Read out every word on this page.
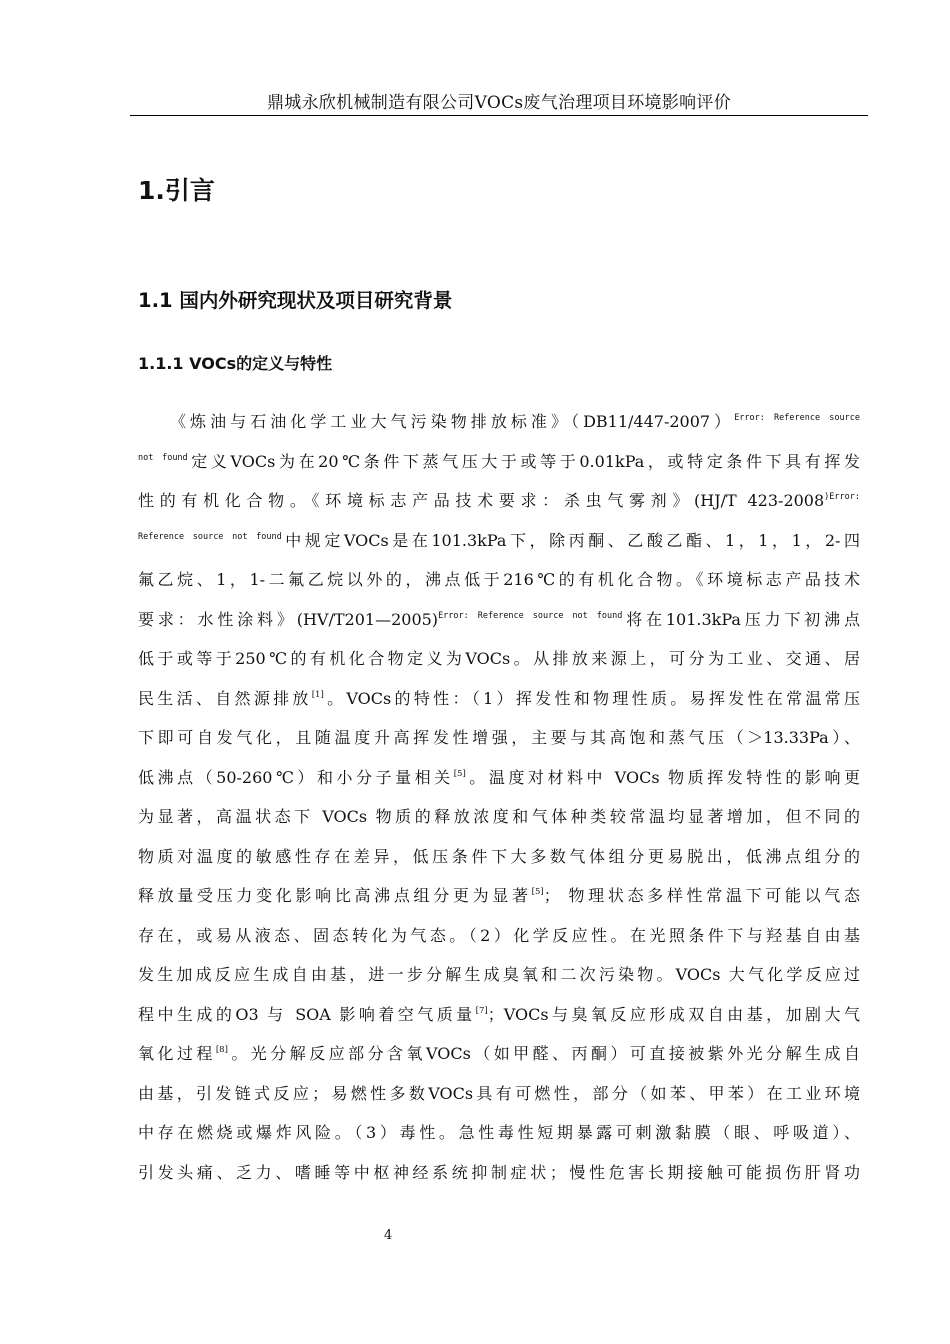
鼎城永欣机械制造有限公司VOCs废气治理项目环境影响评价
1.引言
1.1 国内外研究现状及项目研究背景
1.1.1 VOCs的定义与特性
《炼油与石油化学工业大气污染物排放标准》$(DB11/447-2007)^{Error: Reference source}$
$^{not found}$定义VOCs为在20℃条件下蒸气压大于或等于0.01kPa，或特定条件下具有挥发
性的有机化合物。《环境标志产品技术要求：杀虫气雾剂》(HJ/T $423-2008^{)Error:}$
$^{Reference source not found}$中规定VOCs是在101.3kPa下，除丙酮、乙酸乙酯、1，1，1，2-四
氟乙烷、1，1-二氟乙烷以外的，沸点低于216℃的有机化合物。《环境标志产品技术
要求：水性涂料》(HV/T201—2005)$^{Error: Reference source not found}$将在101.3kPa压力下初沸点
低于或等于250℃的有机化合物定义为VOCs。从排放来源上，可分为工业、交通、居
民生活、自然源排放[1]。VOCs的特性：（1）挥发性和物理性质。易挥发性在常温常压
下即可自发气化，且随温度升高挥发性增强，主要与其高饱和蒸气压（＞13.33Pa）、
低沸点（50-260℃）和小分子量相关[5]。温度对材料中 VOCs 物质挥发特性的影响更
为显著，高温状态下 VOCs 物质的释放浓度和气体种类较常温均显著增加，但不同的
物质对温度的敏感性存在差异，低压条件下大多数气体组分更易脱出，低沸点组分的
释放量受压力变化影响比高沸点组分更为显著[5]； 物理状态多样性常温下可能以气态
存在，或易从液态、固态转化为气态。（2）化学反应性。在光照条件下与羟基自由基
发生加成反应生成自由基，进一步分解生成臭氧和二次污染物。VOCs 大气化学反应过
程中生成的O3 与 SOA 影响着空气质量[7]；VOCs与臭氧反应形成双自由基，加剧大气
氧化过程[8]。光分解反应部分含氧VOCs（如甲醛、丙酮）可直接被紫外光分解生成自
由基，引发链式反应；易燃性多数VOCs具有可燃性，部分（如苯、甲苯）在工业环境
中存在燃烧或爆炸风险。（3）毒性。急性毒性短期暴露可刺激黏膜（眼、呼吸道）、
引发头痛、乏力、嗜睡等中枢神经系统抑制症状；慢性危害长期接触可能损伤肝肾功
4
